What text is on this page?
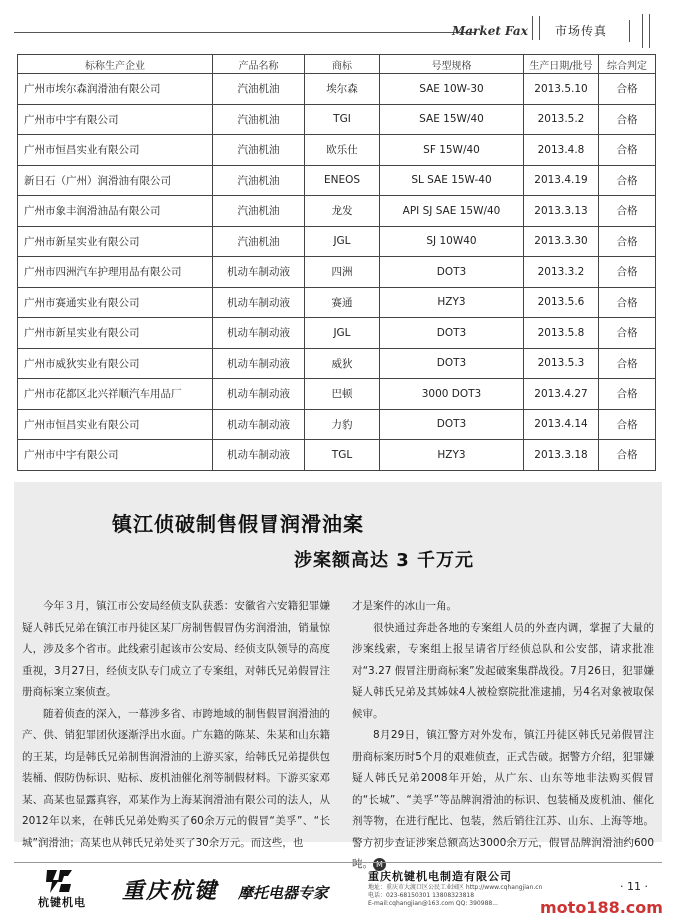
Market Fax 市场传真
标称生产企业	产品名称	商标	号型规格	生产日期/批号	综合判定
广州市埃尔森润滑油有限公司	汽油机油	埃尔森	SAE 10W-30	2013.5.10	合格
广州市中宇有限公司	汽油机油	TGI	SAE 15W/40	2013.5.2	合格
广州市恒昌实业有限公司	汽油机油	欧乐仕	SF 15W/40	2013.4.8	合格
新日石（广州）润滑油有限公司	汽油机油	ENEOS	SL SAE 15W-40	2013.4.19	合格
广州市象丰润滑油品有限公司	汽油机油	龙发	API SJ SAE 15W/40	2013.3.13	合格
广州市新星实业有限公司	汽油机油	JGL	SJ 10W40	2013.3.30	合格
广州市四洲汽车护理用品有限公司	机动车制动液	四洲	DOT3	2013.3.2	合格
广州市赛通实业有限公司	机动车制动液	赛通	HZY3	2013.5.6	合格
广州市新星实业有限公司	机动车制动液	JGL	DOT3	2013.5.8	合格
广州市威狄实业有限公司	机动车制动液	威狄	DOT3	2013.5.3	合格
广州市花都区北兴祥顺汽车用品厂	机动车制动液	巴顿	3000 DOT3	2013.4.27	合格
广州市恒昌实业有限公司	机动车制动液	力豹	DOT3	2013.4.14	合格
广州市中宇有限公司	机动车制动液	TGL	HZY3	2013.3.18	合格
镇江侦破制售假冒润滑油案
涉案额高达 3 千万元

今年３月，镇江市公安局经侦支队获悉：安徽省六安籍犯罪嫌疑人韩氏兄弟在镇江市丹徒区某厂房制售假冒伪劣润滑油，销量惊人，涉及多个省市。此线索引起该市公安局、经侦支队领导的高度重视，3月27日，经侦支队专门成立了专案组，对韩氏兄弟假冒注册商标案立案侦查。

随着侦查的深入，一幕涉多省、市跨地域的制售假冒润滑油的产、供、销犯罪团伙逐渐浮出水面。广东籍的陈某、朱某和山东籍的王某，均是韩氏兄弟制售润滑油的上游买家，给韩氏兄弟提供包装桶、假防伪标识、贴标、废机油催化剂等制假材料。下游买家邓某、高某也显露真容，邓某作为上海某润滑油有限公司的法人，从2012年以来，在韩氏兄弟处购买了60余万元的假冒“美孚”、“长城”润滑油；高某也从韩氏兄弟处买了30余万元。而这些，也

才是案件的冰山一角。

很快通过奔赴各地的专案组人员的外查内调，掌握了大量的涉案线索，专案组上报呈请省厅经侦总队和公安部，请求批准对“3.27 假冒注册商标案”发起破案集群战役。7月26日，犯罪嫌疑人韩氏兄弟及其姊妹4人被检察院批准逮捕，另4名对象被取保候审。

8月29日，镇江警方对外发布，镇江丹徒区韩氏兄弟假冒注册商标案历时5个月的艰难侦查，正式告破。据警方介绍，犯罪嫌疑人韩氏兄弟2008年开始，从广东、山东等地非法购买假冒的“长城”、“美孚”等品牌润滑油的标识、包装桶及废机油、催化剂等物，在进行配比、包装，然后销往江苏、山东、上海等地。警方初步查证涉案总额高达3000余万元，假冒品牌润滑油约600吨。 M

杭键机电 重庆杭键 摩托电器专家
重庆杭键机电制造有限公司
地址：重庆市大渡口区公民工业园区 http://www.cqhangjian.cn
电话：023-68150301 13808323818
E-mail:cqhangjian@163.com QQ: 390988...
· 11 ·
moto188.com
